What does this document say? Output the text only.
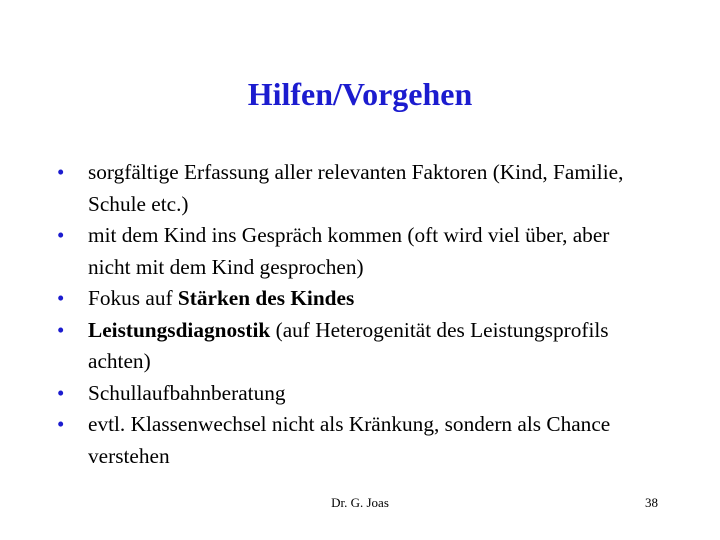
Hilfen/Vorgehen
•	sorgfältige Erfassung aller relevanten Faktoren (Kind, Familie, Schule etc.)
•	mit dem Kind ins Gespräch kommen (oft wird viel über, aber nicht mit dem Kind gesprochen)
•	Fokus auf Stärken des Kindes
•	Leistungsdiagnostik (auf Heterogenität des Leistungsprofils achten)
•	Schullaufbahnberatung
•	evtl. Klassenwechsel nicht als Kränkung, sondern als Chance verstehen
Dr. G. Joas	38
